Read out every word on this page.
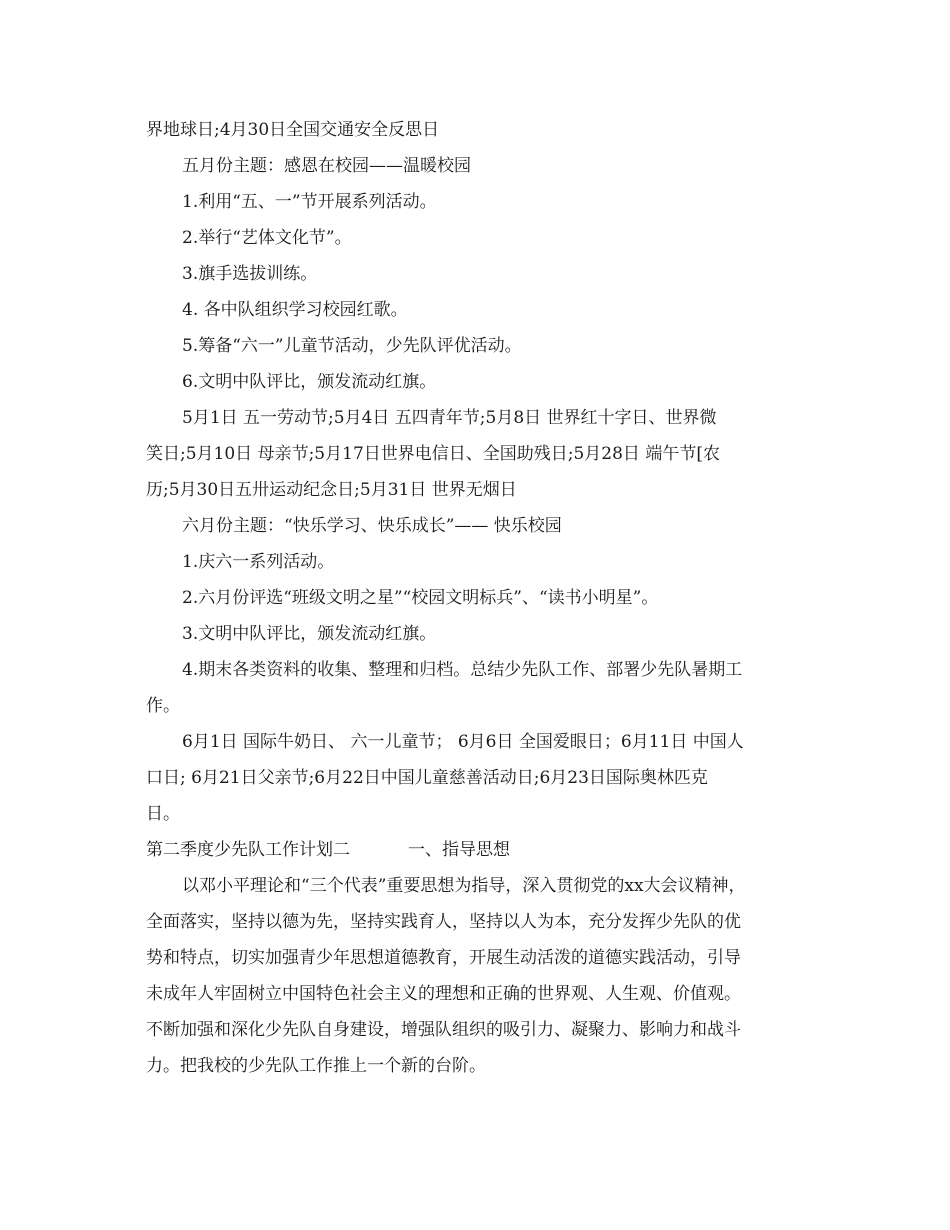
界地球日;4月30日全国交通安全反思日
五月份主题：感恩在校园——温暖校园
1.利用“五、一”节开展系列活动。
2.举行“艺体文化节”。
3.旗手选拔训练。
4. 各中队组织学习校园红歌。
5.筹备“六一”儿童节活动，少先队评优活动。
6.文明中队评比，颁发流动红旗。
5月1日 五一劳动节;5月4日 五四青年节;5月8日 世界红十字日、世界微
笑日;5月10日 母亲节;5月17日世界电信日、全国助残日;5月28日 端午节[农
历;5月30日五卅运动纪念日;5月31日 世界无烟日
六月份主题：“快乐学习、快乐成长”—— 快乐校园
1.庆六一系列活动。
2.六月份评选“班级文明之星”“校园文明标兵”、“读书小明星”。
3.文明中队评比，颁发流动红旗。
4.期末各类资料的收集、整理和归档。总结少先队工作、部署少先队暑期工
作。
6月1日 国际牛奶日、 六一儿童节； 6月6日 全国爱眼日；6月11日 中国人
口日; 6月21日父亲节;6月22日中国儿童慈善活动日;6月23日国际奥林匹克
日。
第二季度少先队工作计划二	一、指导思想
以邓小平理论和“三个代表”重要思想为指导，深入贯彻党的xx大会议精神，
全面落实，坚持以德为先，坚持实践育人，坚持以人为本，充分发挥少先队的优
势和特点，切实加强青少年思想道德教育，开展生动活泼的道德实践活动，引导
未成年人牢固树立中国特色社会主义的理想和正确的世界观、人生观、价值观。
不断加强和深化少先队自身建设，增强队组织的吸引力、凝聚力、影响力和战斗
力。把我校的少先队工作推上一个新的台阶。
